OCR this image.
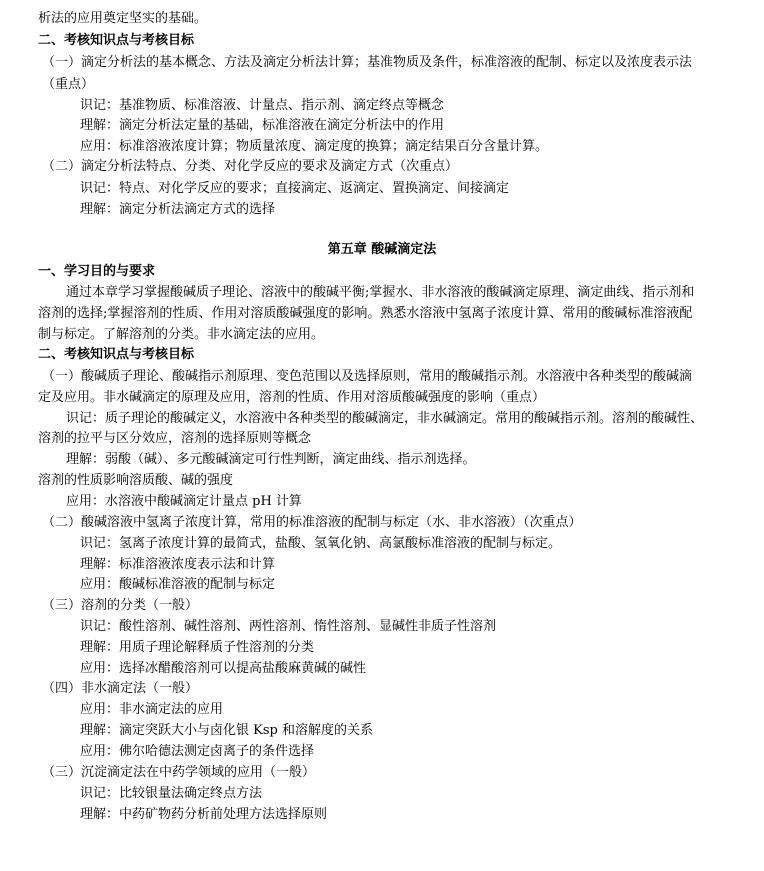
析法的应用奠定坚实的基础。
二、考核知识点与考核目标
（一）滴定分析法的基本概念、方法及滴定分析法计算；基准物质及条件，标准溶液的配制、标定以及浓度表示法
（重点）
识记：基准物质、标准溶液、计量点、指示剂、滴定终点等概念
理解：滴定分析法定量的基础，标准溶液在滴定分析法中的作用
应用：标准溶液浓度计算；物质量浓度、滴定度的换算；滴定结果百分含量计算。
（二）滴定分析法特点、分类、对化学反应的要求及滴定方式（次重点）
识记：特点、对化学反应的要求；直接滴定、返滴定、置换滴定、间接滴定
理解：滴定分析法滴定方式的选择
第五章 酸碱滴定法
一、学习目的与要求
通过本章学习掌握酸碱质子理论、溶液中的酸碱平衡;掌握水、非水溶液的酸碱滴定原理、滴定曲线、指示剂和
溶剂的选择;掌握溶剂的性质、作用对溶质酸碱强度的影响。熟悉水溶液中氢离子浓度计算、常用的酸碱标准溶液配
制与标定。了解溶剂的分类。非水滴定法的应用。
二、考核知识点与考核目标
（一）酸碱质子理论、酸碱指示剂原理、变色范围以及选择原则，常用的酸碱指示剂。水溶液中各种类型的酸碱滴
定及应用。非水碱滴定的原理及应用，溶剂的性质、作用对溶质酸碱强度的影响（重点）
识记：质子理论的酸碱定义，水溶液中各种类型的酸碱滴定，非水碱滴定。常用的酸碱指示剂。溶剂的酸碱性、
溶剂的拉平与区分效应，溶剂的选择原则等概念
理解：弱酸（碱）、多元酸碱滴定可行性判断，滴定曲线、指示剂选择。
溶剂的性质影响溶质酸、碱的强度
应用：水溶液中酸碱滴定计量点 pH 计算
（二）酸碱溶液中氢离子浓度计算，常用的标准溶液的配制与标定（水、非水溶液）（次重点）
识记：氢离子浓度计算的最简式，盐酸、氢氧化钠、高氯酸标准溶液的配制与标定。
理解：标准溶液浓度表示法和计算
应用：酸碱标准溶液的配制与标定
（三）溶剂的分类（一般）
识记：酸性溶剂、碱性溶剂、两性溶剂、惰性溶剂、显碱性非质子性溶剂
理解：用质子理论解释质子性溶剂的分类
应用：选择冰醋酸溶剂可以提高盐酸麻黄碱的碱性
（四）非水滴定法（一般）
应用：非水滴定法的应用
理解：滴定突跃大小与卤化银 Ksp 和溶解度的关系
应用：佛尔哈德法测定卤离子的条件选择
（三）沉淀滴定法在中药学领域的应用（一般）
识记：比较银量法确定终点方法
理解：中药矿物药分析前处理方法选择原则
